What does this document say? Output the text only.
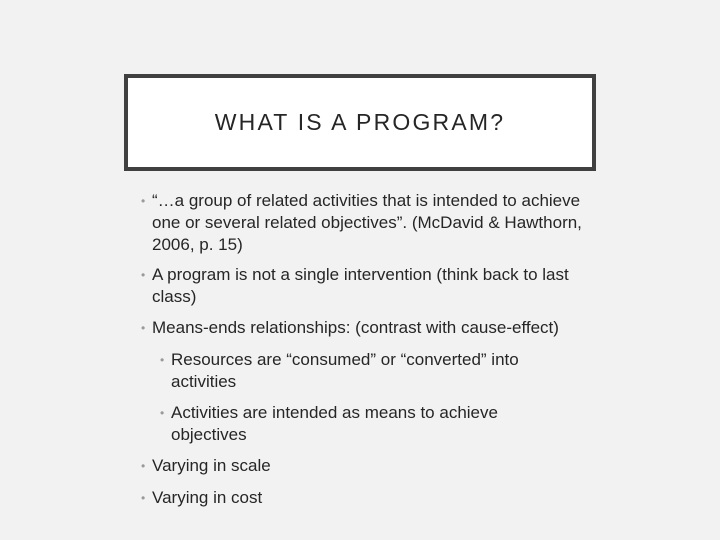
WHAT IS A PROGRAM?
• “…a group of related activities that is intended to achieve one or several related objectives”. (McDavid & Hawthorn, 2006, p. 15)
• A program is not a single intervention (think back to last class)
• Means-ends relationships: (contrast with cause-effect)
• Resources are “consumed” or “converted” into activities
• Activities are intended as means to achieve objectives
• Varying in scale
• Varying in cost
